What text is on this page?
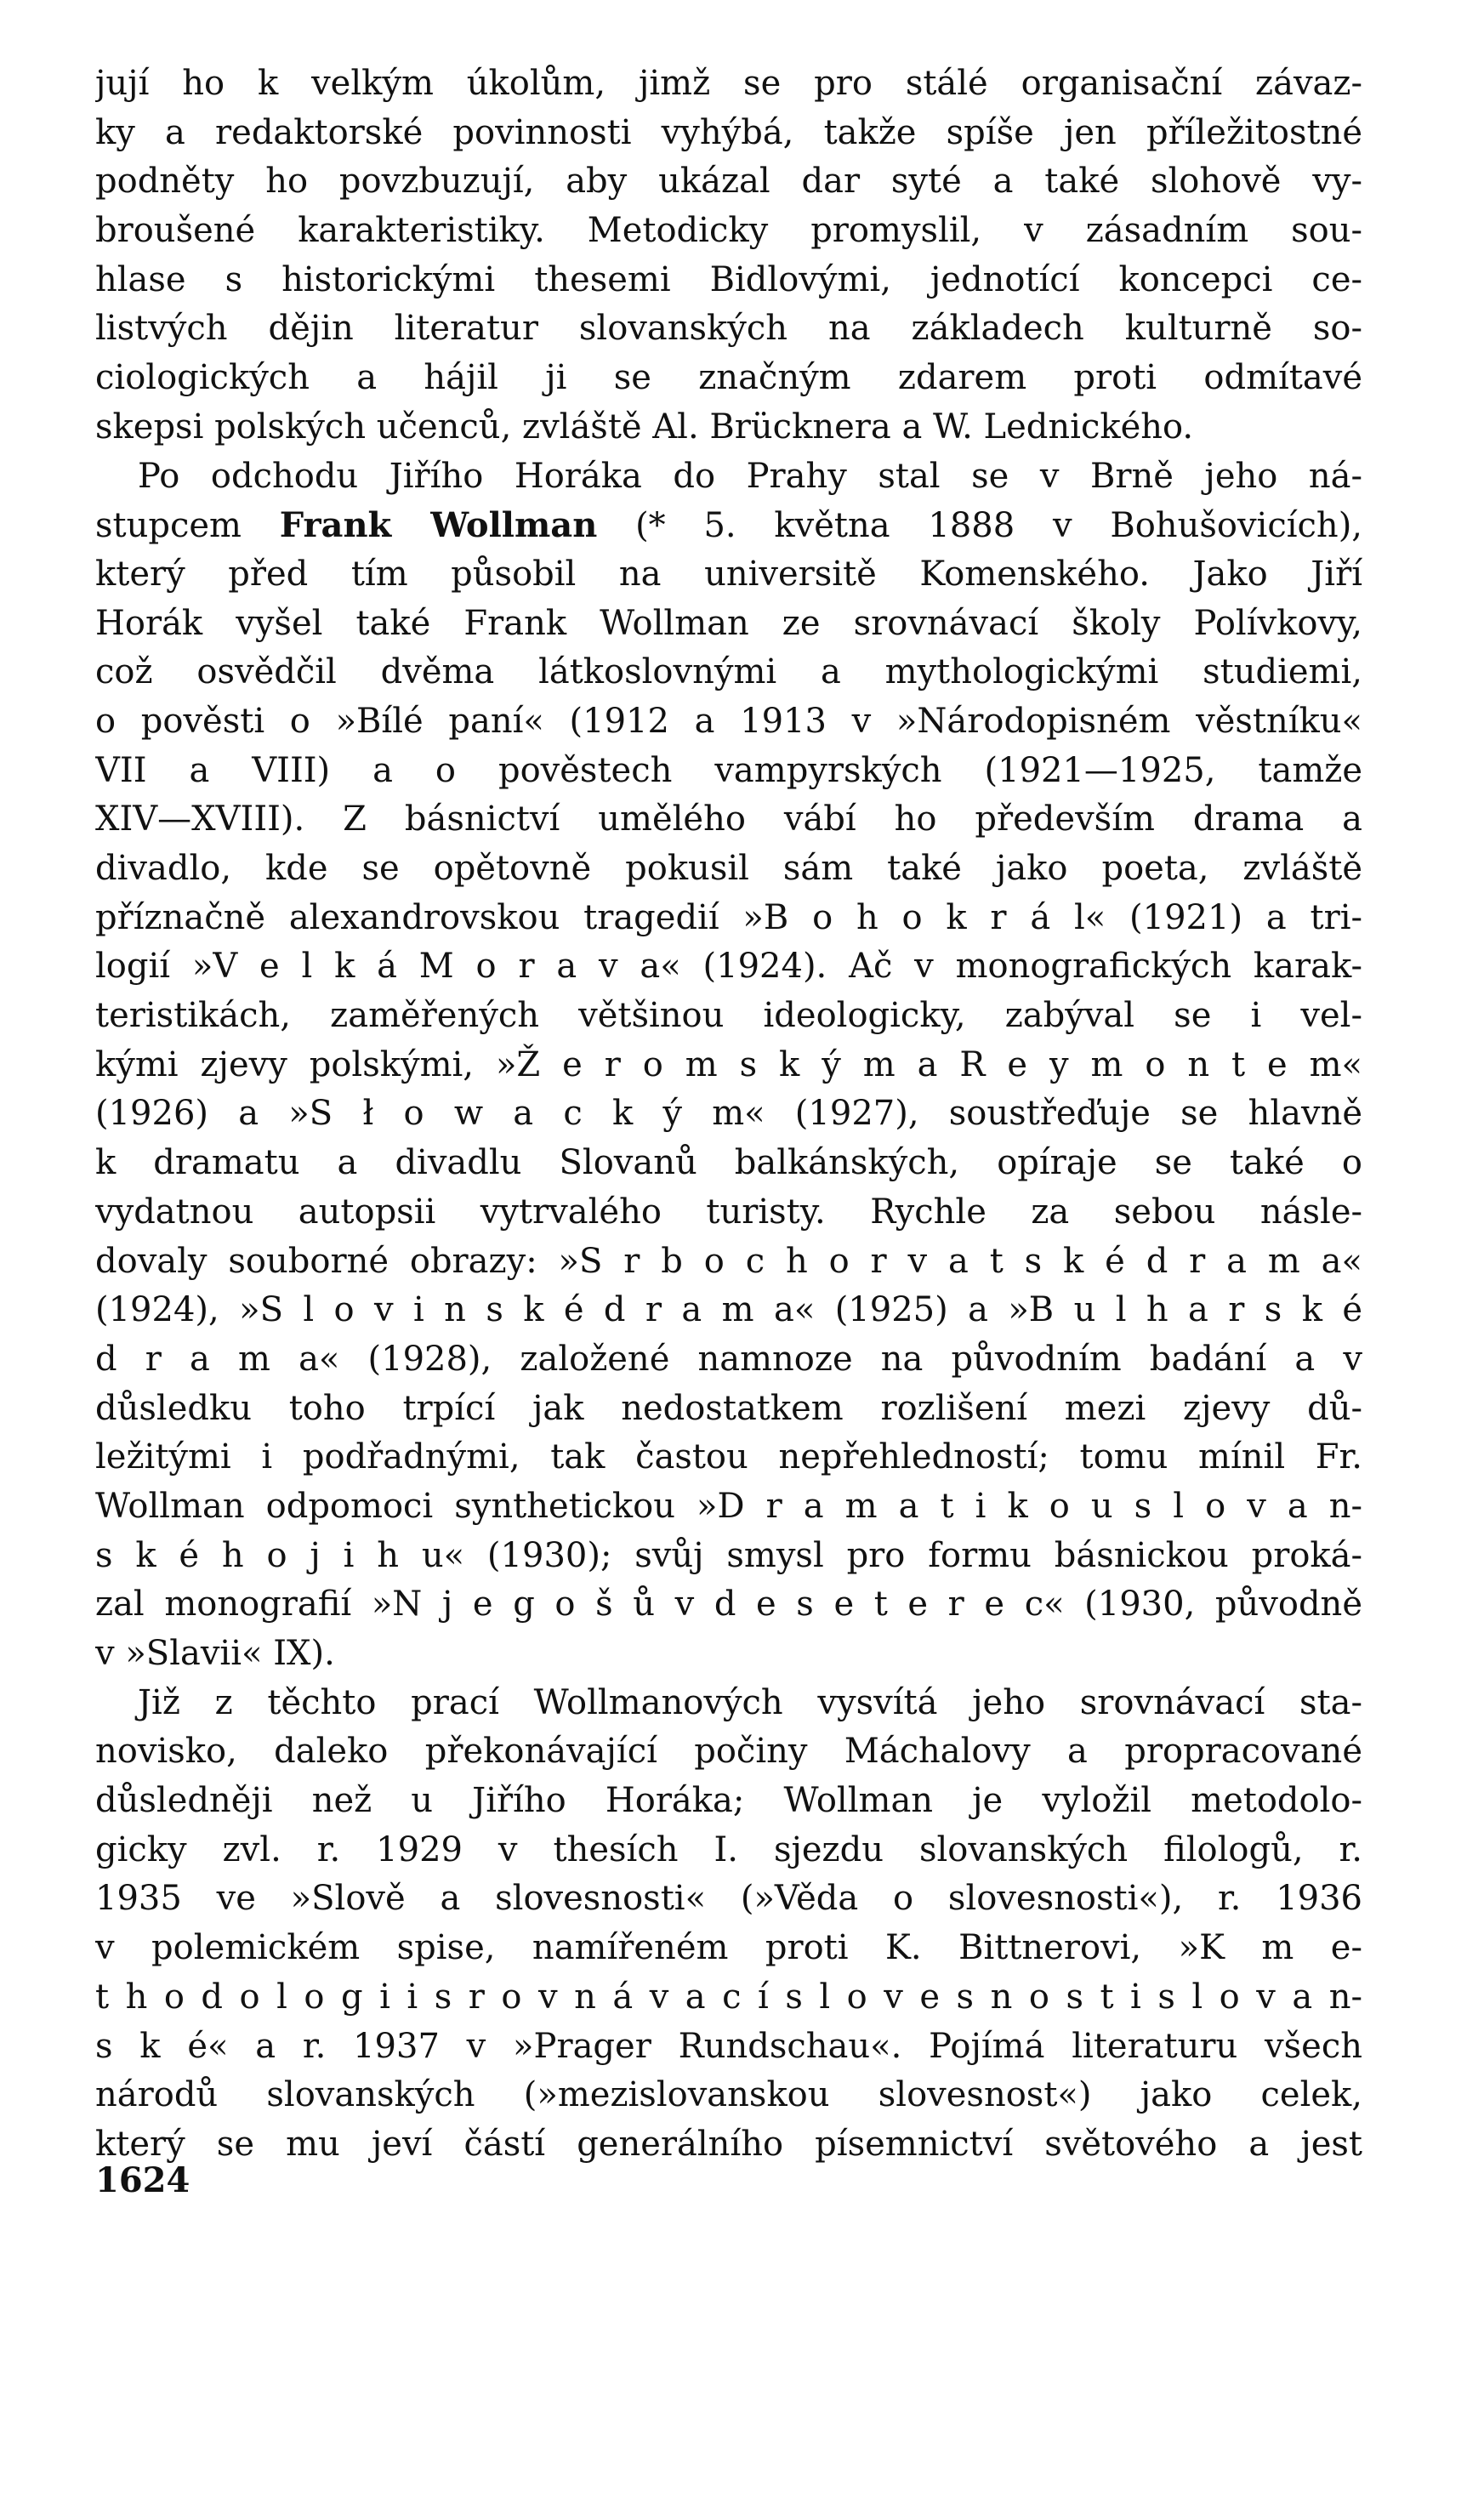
jují ho k velkým úkolům, jimž se pro stálé organisační závaz-
ky a redaktorské povinnosti vyhýbá, takže spíše jen příležitostné
podněty ho povzbuzují, aby ukázal dar syté a také slohově vy-
broušené karakteristiky. Metodicky promyslil, v zásadním sou-
hlase s historickými thesemi Bidlovými, jednotící koncepci ce-
listvých dějin literatur slovanských na základech kulturně so-
ciologických a hájil ji se značným zdarem proti odmítavé
skepsi polských učenců, zvláště Al. Brücknera a W. Lednického.
Po odchodu Jiřího Horáka do Prahy stal se v Brně jeho ná-
stupcem Frank Wollman (* 5. května 1888 v Bohušovicích),
který před tím působil na universitě Komenského. Jako Jiří
Horák vyšel také Frank Wollman ze srovnávací školy Polívkovy,
což osvědčil dvěma látkoslovnými a mythologickými studiemi,
o pověsti o »Bílé paní« (1912 a 1913 v »Národopisném věstníku«
VII a VIII) a o pověstech vampyrských (1921—1925, tamže
XIV—XVIII). Z básnictví umělého vábí ho především drama a
divadlo, kde se opětovně pokusil sám také jako poeta, zvláště
příznačně alexandrovskou tragedií »B o h o k r á l« (1921) a tri-
logií »V e l k á M o r a v a« (1924). Ač v monografických karak-
teristikách, zaměřených většinou ideologicky, zabýval se i vel-
kými zjevy polskými, »Ž e r o m s k ý m a R e y m o n t e m«
(1926) a »S ł o w a c k ý m« (1927), soustřeďuje se hlavně
k dramatu a divadlu Slovanů balkánských, opíraje se také o
vydatnou autopsii vytrvalého turisty. Rychle za sebou násle-
dovaly souborné obrazy: »S r b o c h o r v a t s k é d r a m a«
(1924), »S l o v i n s k é d r a m a« (1925) a »B u l h a r s k é
d r a m a« (1928), založené namnoze na původním badání a v
důsledku toho trpící jak nedostatkem rozlišení mezi zjevy dů-
ležitými i podřadnými, tak častou nepřehledností; tomu mínil Fr.
Wollman odpomoci synthetickou »D r a m a t i k o u s l o v a n-
s k é h o j i h u« (1930); svůj smysl pro formu básnickou proká-
zal monografií »N j e g o š ů v d e s e t e r e c« (1930, původně
v »Slavii« IX).
Již z těchto prací Wollmanových vysvítá jeho srovnávací sta-
novisko, daleko překonávající počiny Máchalovy a propracované
důsledněji než u Jiřího Horáka; Wollman je vyložil metodolo-
gicky zvl. r. 1929 v thesích I. sjezdu slovanských filologů, r.
1935 ve »Slově a slovesnosti« (»Věda o slovesnosti«), r. 1936
v polemickém spise, namířeném proti K. Bittnerovi, »K m e-
t h o d o l o g i i s r o v n á v a c í s l o v e s n o s t i s l o v a n-
s k é« a r. 1937 v »Prager Rundschau«. Pojímá literaturu všech
národů slovanských (»mezislovanskou slovesnost«) jako celek,
který se mu jeví částí generálního písemnictví světového a jest
1624
